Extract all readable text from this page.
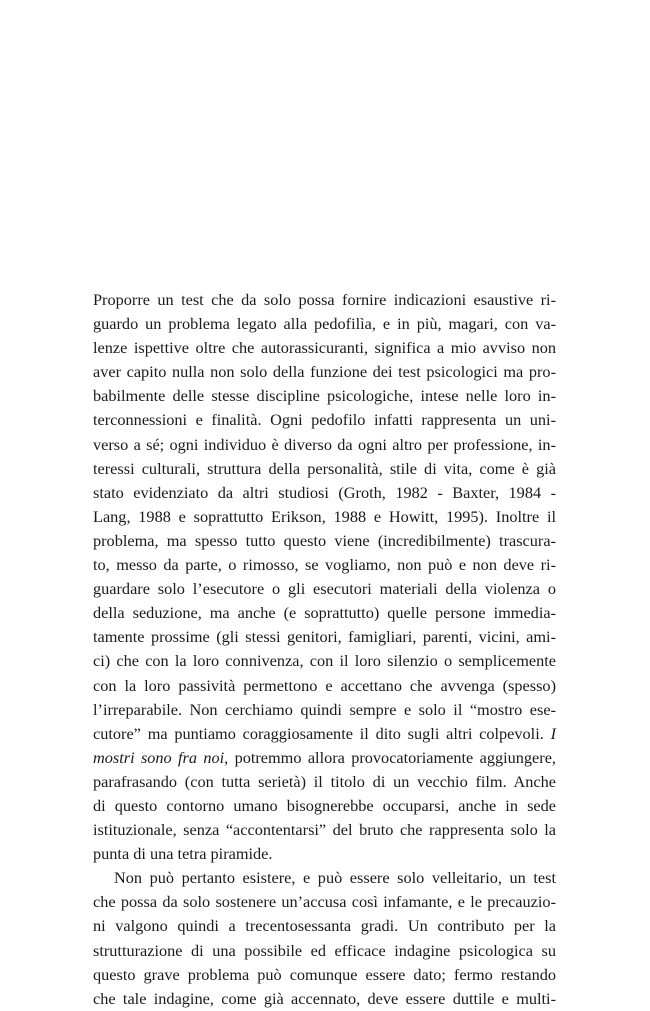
Proporre un test che da solo possa fornire indicazioni esaustive ri-
guardo un problema legato alla pedofilìa, e in più, magari, con va-
lenze ispettive oltre che autorassicuranti, significa a mio avviso non
aver capito nulla non solo della funzione dei test psicologici ma pro-
babilmente delle stesse discipline psicologiche, intese nelle loro in-
terconnessioni e finalità. Ogni pedofilo infatti rappresenta un uni-
verso a sé; ogni individuo è diverso da ogni altro per professione, in-
teressi culturali, struttura della personalità, stile di vita, come è già
stato evidenziato da altri studiosi (Groth, 1982 - Baxter, 1984 -
Lang, 1988 e soprattutto Erikson, 1988 e Howitt, 1995). Inoltre il
problema, ma spesso tutto questo viene (incredibilmente) trascura-
to, messo da parte, o rimosso, se vogliamo, non può e non deve ri-
guardare solo l’esecutore o gli esecutori materiali della violenza o
della seduzione, ma anche (e soprattutto) quelle persone immedia-
tamente prossime (gli stessi genitori, famigliari, parenti, vicini, ami-
ci) che con la loro connivenza, con il loro silenzio o semplicemente
con la loro passività permettono e accettano che avvenga (spesso)
l’irreparabile. Non cerchiamo quindi sempre e solo il “mostro ese-
cutore” ma puntiamo coraggiosamente il dito sugli altri colpevoli. I
mostri sono fra noi, potremmo allora provocatoriamente aggiungere,
parafrasando (con tutta serietà) il titolo di un vecchio film. Anche
di questo contorno umano bisognerebbe occuparsi, anche in sede
istituzionale, senza “accontentarsi” del bruto che rappresenta solo la
punta di una tetra piramide.
Non può pertanto esistere, e può essere solo velleitario, un test
che possa da solo sostenere un’accusa così infamante, e le precauzio-
ni valgono quindi a trecentosessanta gradi. Un contributo per la
strutturazione di una possibile ed efficace indagine psicologica su
questo grave problema può comunque essere dato; fermo restando
che tale indagine, come già accennato, deve essere duttile e multi-
